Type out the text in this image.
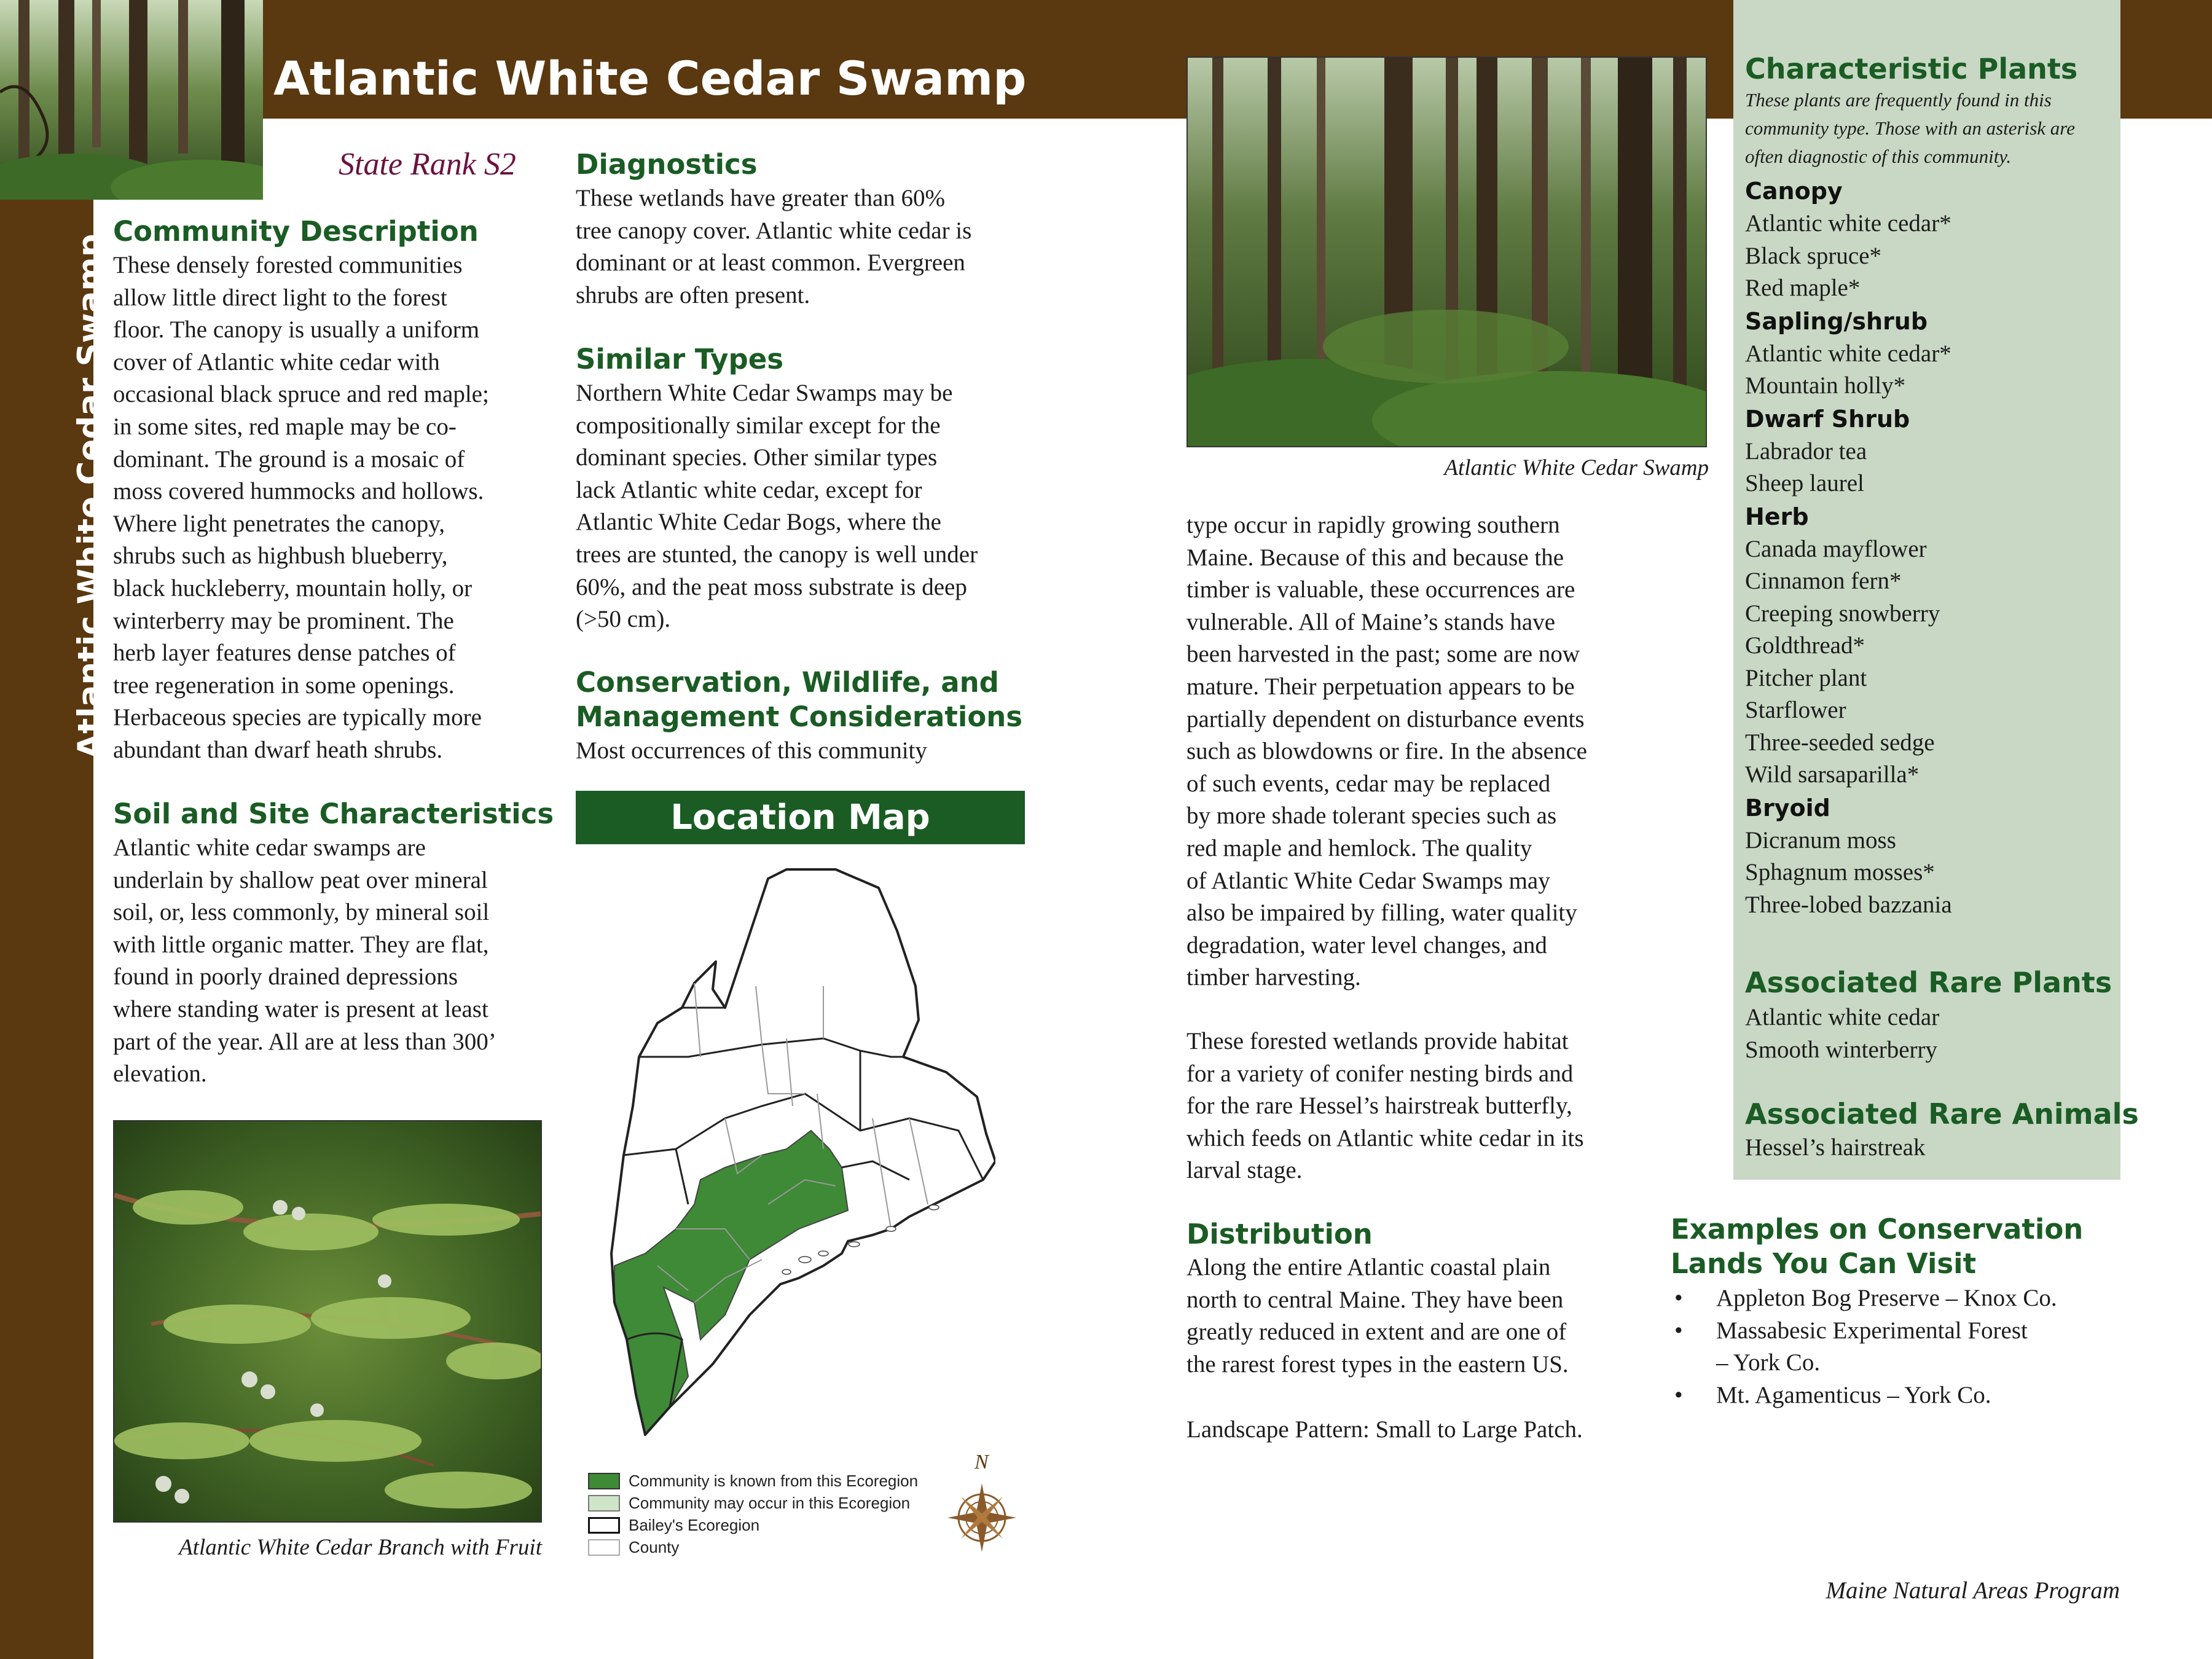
Atlantic White Cedar Swamp
Atlantic White Cedar Swamp
State Rank S2
Community Description
These densely forested communities
allow little direct light to the forest
floor. The canopy is usually a uniform
cover of Atlantic white cedar with
occasional black spruce and red maple;
in some sites, red maple may be co-
dominant. The ground is a mosaic of
moss covered hummocks and hollows.
Where light penetrates the canopy,
shrubs such as highbush blueberry,
black huckleberry, mountain holly, or
winterberry may be prominent. The
herb layer features dense patches of
tree regeneration in some openings.
Herbaceous species are typically more
abundant than dwarf heath shrubs.
Soil and Site Characteristics
Atlantic white cedar swamps are
underlain by shallow peat over mineral
soil, or, less commonly, by mineral soil
with little organic matter. They are flat,
found in poorly drained depressions
where standing water is present at least
part of the year. All are at less than 300’
elevation.
Atlantic White Cedar Branch with Fruit
Diagnostics
These wetlands have greater than 60%
tree canopy cover. Atlantic white cedar is
dominant or at least common. Evergreen
shrubs are often present.
Similar Types
Northern White Cedar Swamps may be
compositionally similar except for the
dominant species. Other similar types
lack Atlantic white cedar, except for
Atlantic White Cedar Bogs, where the
trees are stunted, the canopy is well under
60%, and the peat moss substrate is deep
(>50 cm).
Conservation, Wildlife, and
Management Considerations
Most occurrences of this community
Location Map
Community is known from this Ecoregion
Community may occur in this Ecoregion
Bailey's Ecoregion
County
N
Atlantic White Cedar Swamp
type occur in rapidly growing southern
Maine. Because of this and because the
timber is valuable, these occurrences are
vulnerable. All of Maine’s stands have
been harvested in the past; some are now
mature. Their perpetuation appears to be
partially dependent on disturbance events
such as blowdowns or fire. In the absence
of such events, cedar may be replaced
by more shade tolerant species such as
red maple and hemlock. The quality
of Atlantic White Cedar Swamps may
also be impaired by filling, water quality
degradation, water level changes, and
timber harvesting.
These forested wetlands provide habitat
for a variety of conifer nesting birds and
for the rare Hessel’s hairstreak butterfly,
which feeds on Atlantic white cedar in its
larval stage.
Distribution
Along the entire Atlantic coastal plain
north to central Maine. They have been
greatly reduced in extent and are one of
the rarest forest types in the eastern US.
Landscape Pattern: Small to Large Patch.
Characteristic Plants
These plants are frequently found in this
community type. Those with an asterisk are
often diagnostic of this community.
Canopy
Atlantic white cedar*
Black spruce*
Red maple*
Sapling/shrub
Atlantic white cedar*
Mountain holly*
Dwarf Shrub
Labrador tea
Sheep laurel
Herb
Canada mayflower
Cinnamon fern*
Creeping snowberry
Goldthread*
Pitcher plant
Starflower
Three-seeded sedge
Wild sarsaparilla*
Bryoid
Dicranum moss
Sphagnum mosses*
Three-lobed bazzania
Associated Rare Plants
Atlantic white cedar
Smooth winterberry
Associated Rare Animals
Hessel’s hairstreak
Examples on Conservation
Lands You Can Visit
• Appleton Bog Preserve – Knox Co.
• Massabesic Experimental Forest
– York Co.
• Mt. Agamenticus – York Co.
Maine Natural Areas Program
